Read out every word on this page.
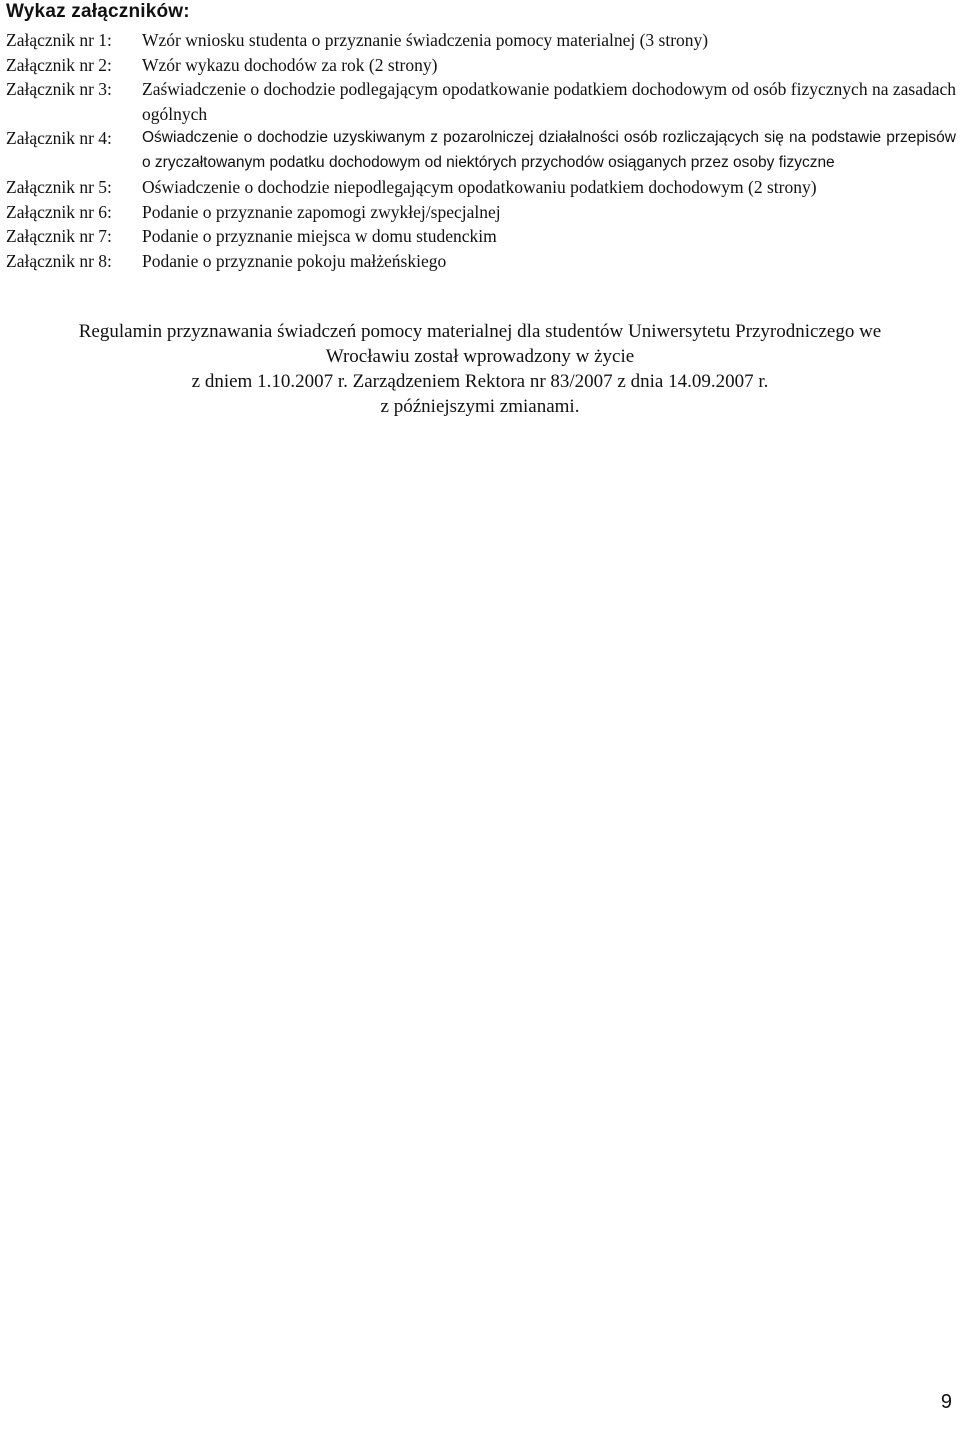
Wykaz załączników:
Załącznik nr 1:	Wzór wniosku studenta o przyznanie świadczenia pomocy materialnej (3 strony)
Załącznik nr 2:	Wzór wykazu dochodów za rok (2 strony)
Załącznik nr 3:	Zaświadczenie o dochodzie podlegającym opodatkowanie podatkiem dochodowym od osób fizycznych na zasadach ogólnych
Załącznik nr 4:	Oświadczenie o dochodzie uzyskiwanym z pozarolniczej działalności osób rozliczających się na podstawie przepisów o zryczałtowanym podatku dochodowym od niektórych przychodów osiąganych przez osoby fizyczne
Załącznik nr 5:	Oświadczenie o dochodzie niepodlegającym opodatkowaniu podatkiem dochodowym (2 strony)
Załącznik nr 6:	Podanie o przyznanie zapomogi zwykłej/specjalnej
Załącznik nr 7:	Podanie o przyznanie miejsca w domu studenckim
Załącznik nr 8:	Podanie o przyznanie pokoju małżeńskiego
Regulamin przyznawania świadczeń pomocy materialnej dla studentów Uniwersytetu Przyrodniczego we
Wrocławiu został wprowadzony w życie
z dniem 1.10.2007 r. Zarządzeniem Rektora nr 83/2007 z dnia 14.09.2007 r.
z późniejszymi zmianami.
9
